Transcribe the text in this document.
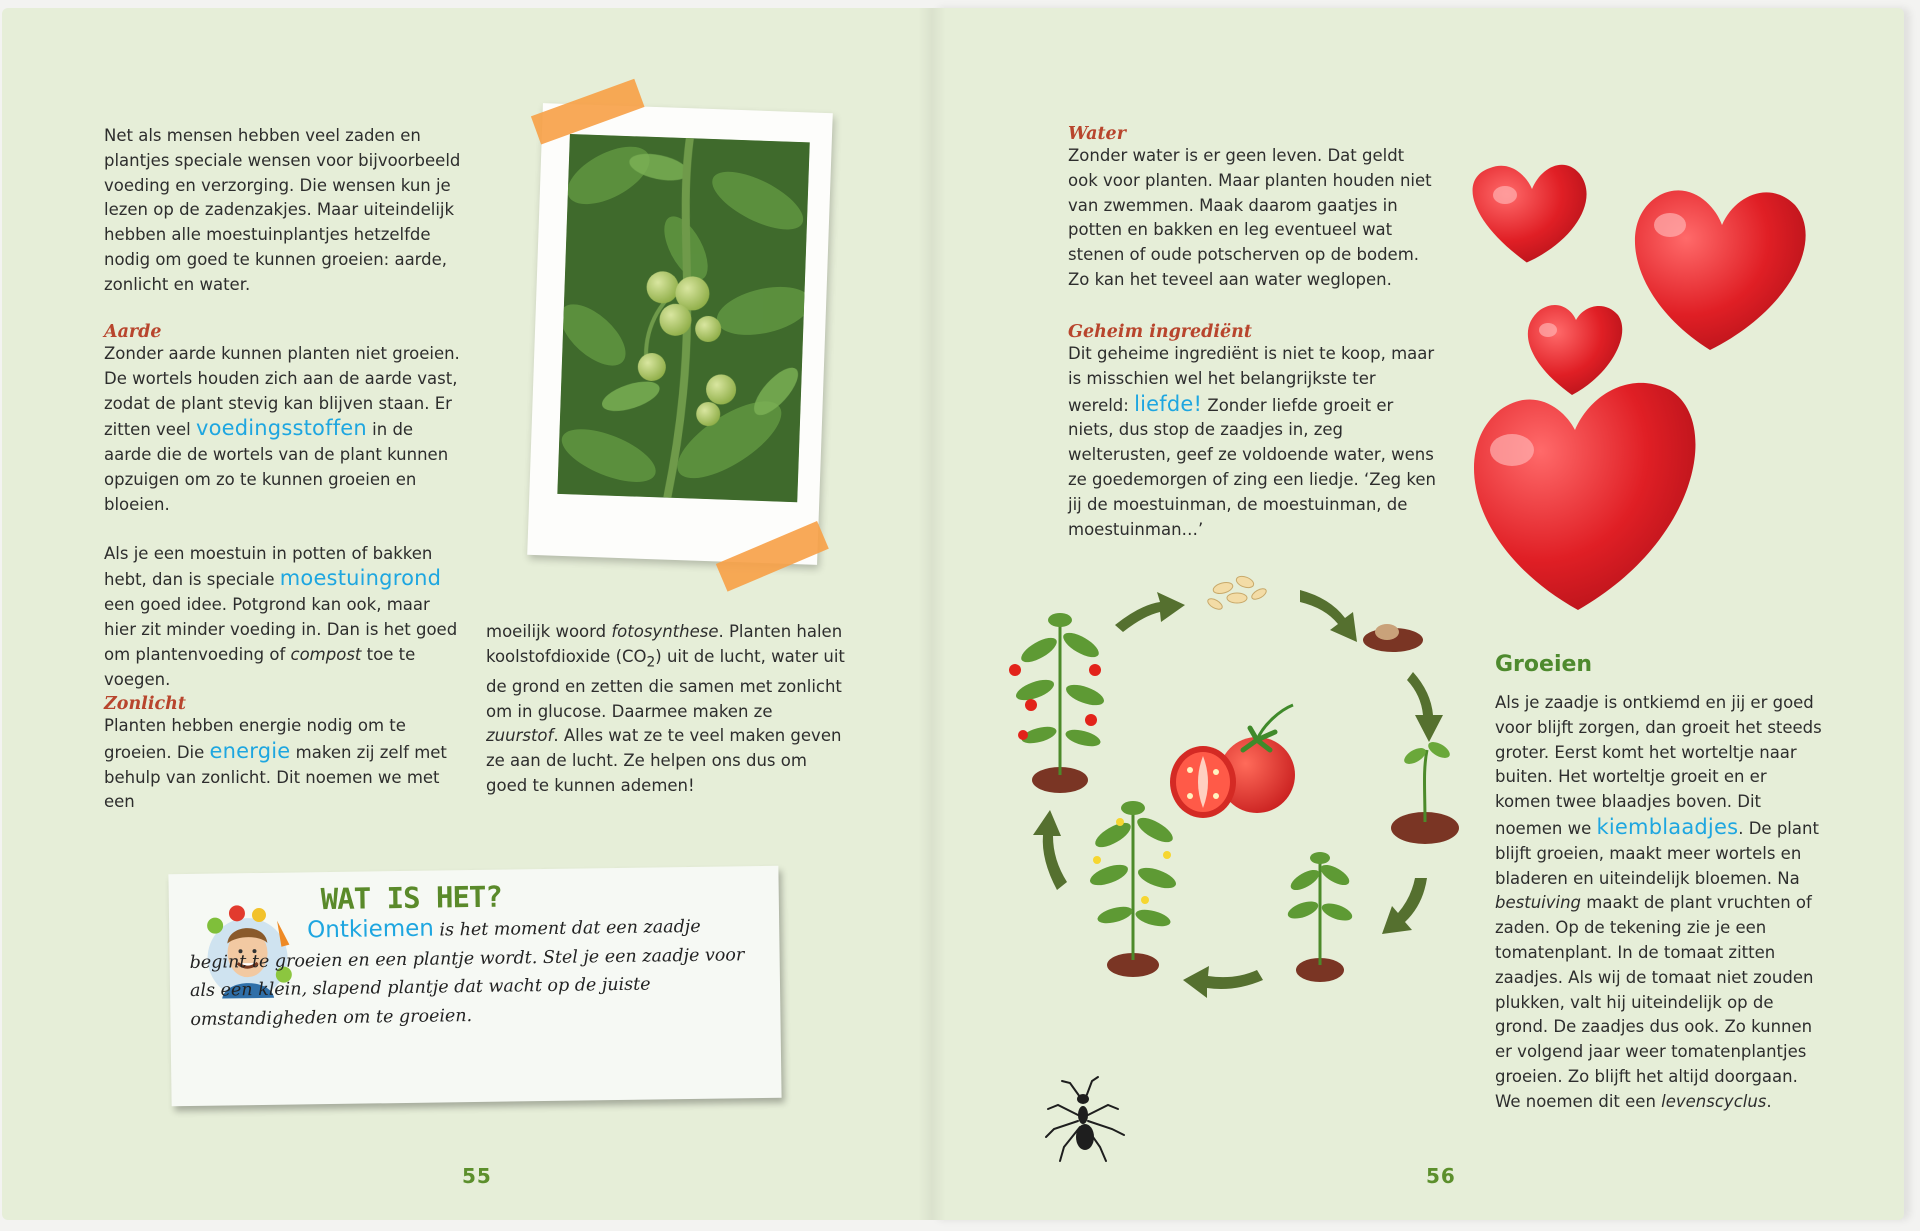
Net als mensen hebben veel zaden en plantjes speciale wensen voor bijvoorbeeld voeding en verzorging. Die wensen kun je lezen op de zadenzakjes. Maar uiteindelijk hebben alle moestuinplantjes hetzelfde nodig om goed te kunnen groeien: aarde, zonlicht en water.

Aarde

Zonder aarde kunnen planten niet groeien. De wortels houden zich aan de aarde vast, zodat de plant stevig kan blijven staan. Er zitten veel voedingsstoffen in de aarde die de wortels van de plant kunnen opzuigen om zo te kunnen groeien en bloeien.

Als je een moestuin in potten of bakken hebt, dan is speciale moestuingrond een goed idee. Potgrond kan ook, maar hier zit minder voeding in. Dan is het goed om plantenvoeding of compost toe te voegen.

Zonlicht

Planten hebben energie nodig om te groeien. Die energie maken zij zelf met behulp van zonlicht. Dit noemen we met een

moeilijk woord fotosynthese. Planten halen koolstofdioxide $(CO_2)$ uit de lucht, water uit de grond en zetten die samen met zonlicht om in glucose. Daarmee maken ze zuurstof. Alles wat ze te veel maken geven ze aan de lucht. Ze helpen ons dus om goed te kunnen ademen!

WAT IS HET?

Ontkiemen is het moment dat een zaadje begint te groeien en een plantje wordt. Stel je een zaadje voor als een klein, slapend plantje dat wacht op de juiste omstandigheden om te groeien.

55

Water

Zonder water is er geen leven. Dat geldt ook voor planten. Maar planten houden niet van zwemmen. Maak daarom gaatjes in potten en bakken en leg eventueel wat stenen of oude potscherven op de bodem. Zo kan het teveel aan water weglopen.

Geheim ingrediënt

Dit geheime ingrediënt is niet te koop, maar is misschien wel het belangrijkste ter wereld: liefde! Zonder liefde groeit er niets, dus stop de zaadjes in, zeg welterusten, geef ze voldoende water, wens ze goedemorgen of zing een liedje. ‘Zeg ken jij de moestuinman, de moestuinman, de moestuinman…’

Groeien

Als je zaadje is ontkiemd en jij er goed voor blijft zorgen, dan groeit het steeds groter. Eerst komt het worteltje naar buiten. Het worteltje groeit en er komen twee blaadjes boven. Dit noemen we kiemblaadjes. De plant blijft groeien, maakt meer wortels en bladeren en uiteindelijk bloemen. Na bestuiving maakt de plant vruchten of zaden. Op de tekening zie je een tomatenplant. In de tomaat zitten zaadjes. Als wij de tomaat niet zouden plukken, valt hij uiteindelijk op de grond. De zaadjes dus ook. Zo kunnen er volgend jaar weer tomatenplantjes groeien. Zo blijft het altijd doorgaan. We noemen dit een levenscyclus.

56
